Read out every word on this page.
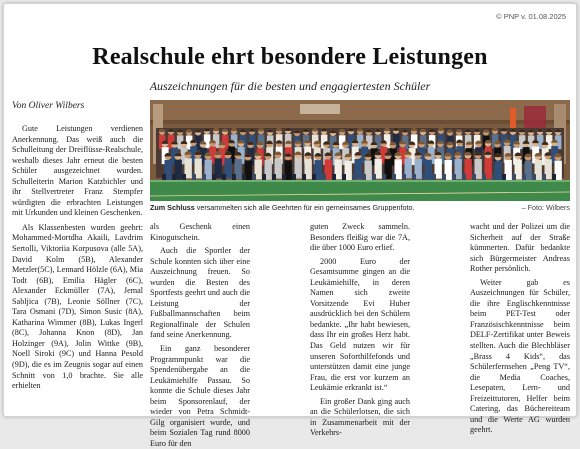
© PNP v. 01.08.2025
Realschule ehrt besondere Leistungen
Auszeichnungen für die besten und engagiertesten Schüler
Von Oliver Wilbers

Gute Leistungen verdienen Anerkennung. Das weiß auch die Schulleitung der Dreiflüsse-Realschule, weshalb dieses Jahr erneut die besten Schüler ausgezeichnet wurden. Schulleiterin Marion Katzbichler und ihr Stellvertreter Franz Stempfer würdigten die erbrachten Leistungen mit Urkunden und kleinen Geschenken.

Als Klassenbesten wurden geehrt: Mohammed-Mortdha Akaili, Lavdrim Sertolli, Viktoriia Korpusova (alle 5A), David Kolm (5B), Alexander Metzler(5C), Lennard Hölzle (6A), Mia Todt (6B), Emilia Hägler (6C), Alexander Eckmüller (7A), Jemal Sabljica (7B), Leonie Söllner (7C), Tara Osmani (7D), Simon Susic (8A), Katharina Wimmer (8B), Lukas Ingerl (8C), Johanna Knon (8D), Jan Holzinger (9A), Jolin Wittke (9B), Noell Siroki (9C) und Hanna Pesold (9D), die es im Zeugnis sogar auf einen Schnitt von 1,0 brachte. Sie alle erhielten

Zum Schluss versammelten sich alle Geehrten für ein gemeinsames Gruppenfoto.	– Foto: Wilbers

als Geschenk einen Kinogutschein.

Auch die Sportler der Schule konnten sich über eine Auszeichnung freuen. So wurden die Besten des Sportfests geehrt und auch die Leistung der Fußballmannschaften beim Regionalfinale der Schulen fand seine Anerkennung.

Ein ganz besonderer Programmpunkt war die Spendenübergabe an die Leukämiehilfe Passau. So konnte die Schule dieses Jahr beim Sponsorenlauf, der wieder von Petra Schmidt-Gilg organisiert wurde, und beim Sozialen Tag rund 8000 Euro für den

guten Zweck sammeln. Besonders fleißig war die 7A, die über 1000 Euro erlief.

2000 Euro der Gesamtsumme gingen an die Leukämiehilfe, in deren Namen sich zweite Vorsitzende Evi Huber ausdrücklich bei den Schülern bedankte. „Ihr habt bewiesen, dass Ihr ein großes Herz habt. Das Geld nutzen wir für unseren Soforthilfefonds und unterstützen damit eine junge Frau, die erst vor kurzem an Leukämie erkrankt ist.“

Ein großer Dank ging auch an die Schülerlotsen, die sich in Zusammenarbeit mit der Verkehrs-

wacht und der Polizei um die Sicherheit auf der Straße kümmerten. Dafür bedankte sich Bürgermeister Andreas Rother persönlich.

Weiter gab es Auszeichnungen für Schüler, die ihre Englischkenntnisse beim PET-Test oder Französischkenntnisse beim DELF-Zertifikat unter Beweis stellten. Auch die Blechbläser „Brass 4 Kids“, das Schülerfernsehen „Peng TV“, die Media Coaches, Lesepaten, Lern- und Freizeittutoren, Helfer beim Catering, das Büchereiteam und die Werte AG wurden geehrt.
